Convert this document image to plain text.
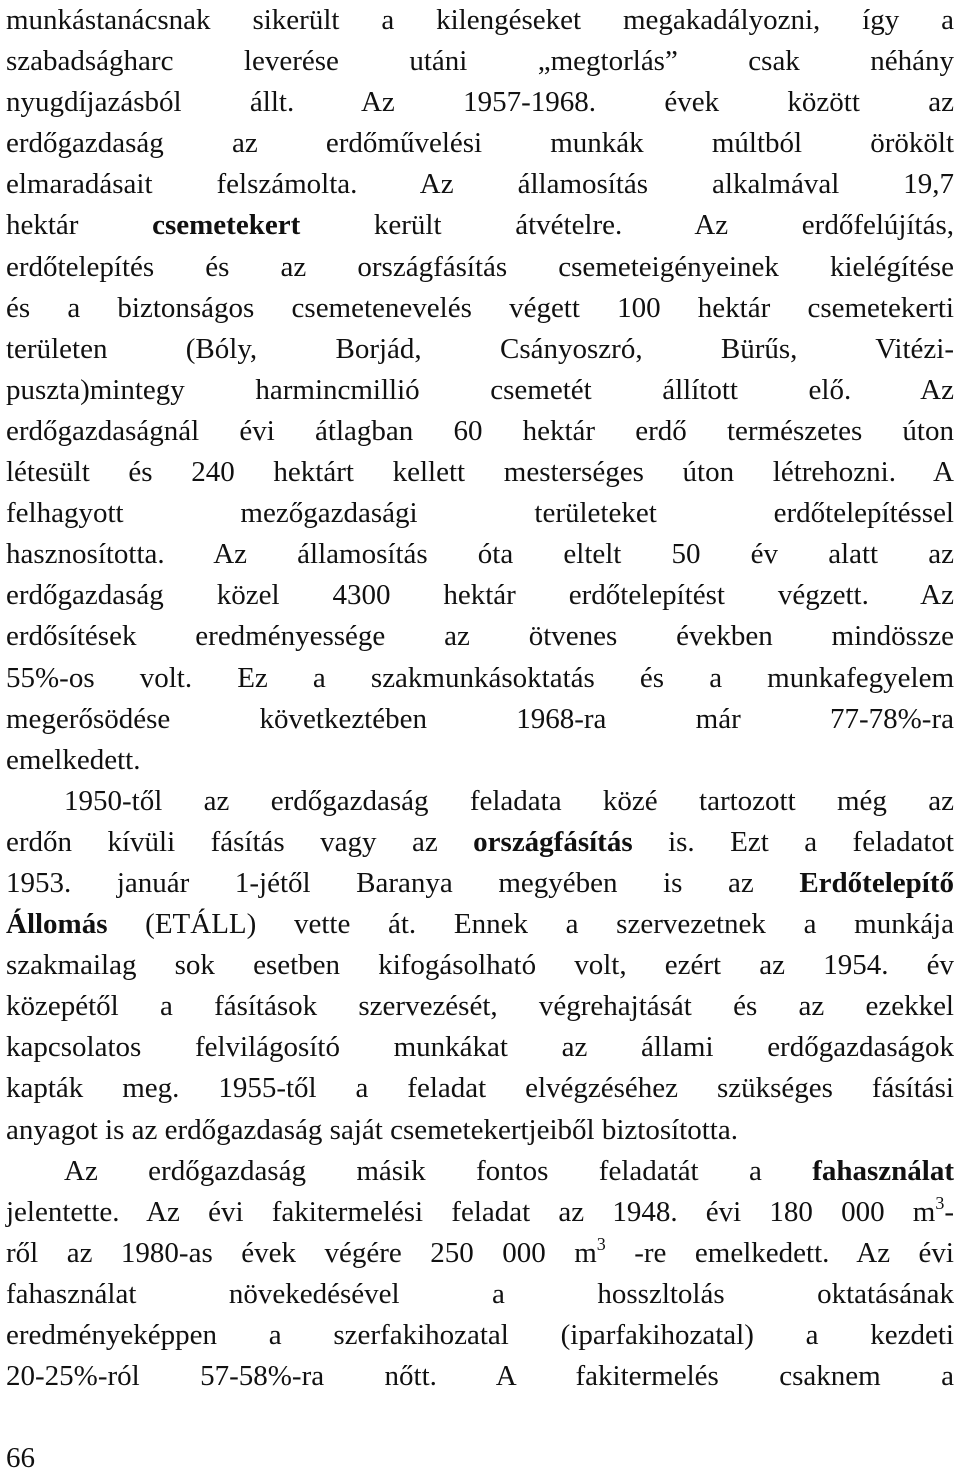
munkástanácsnak sikerült a kilengéseket megakadályozni, így a
szabadságharc leverése utáni „megtorlás” csak néhány
nyugdíjazásból állt. Az 1957-1968. évek között az
erdőgazdaság az erdőművelési munkák múltból örökölt
elmaradásait felszámolta. Az államosítás alkalmával 19,7
hektár csemetekert került átvételre. Az erdőfelújítás,
erdőtelepítés és az országfásítás csemeteigényeinek kielégítése
és a biztonságos csemetenevelés végett 100 hektár csemetekerti
területen (Bóly, Borjád, Csányoszró, Bürűs, Vitézi-
puszta)mintegy harmincmillió csemetét állított elő. Az
erdőgazdaságnál évi átlagban 60 hektár erdő természetes úton
létesült és 240 hektárt kellett mesterséges úton létrehozni. A
felhagyott mezőgazdasági területeket erdőtelepítéssel
hasznosította. Az államosítás óta eltelt 50 év alatt az
erdőgazdaság közel 4300 hektár erdőtelepítést végzett. Az
erdősítések eredményessége az ötvenes években mindössze
55%-os volt. Ez a szakmunkásoktatás és a munkafegyelem
megerősödése következtében 1968-ra már 77-78%-ra
emelkedett.
1950-től az erdőgazdaság feladata közé tartozott még az
erdőn kívüli fásítás vagy az országfásítás is. Ezt a feladatot
1953. január 1-jétől Baranya megyében is az Erdőtelepítő
Állomás (ETÁLL) vette át. Ennek a szervezetnek a munkája
szakmailag sok esetben kifogásolható volt, ezért az 1954. év
közepétől a fásítások szervezését, végrehajtását és az ezekkel
kapcsolatos felvilágosító munkákat az állami erdőgazdaságok
kapták meg. 1955-től a feladat elvégzéséhez szükséges fásítási
anyagot is az erdőgazdaság saját csemetekertjeiből biztosította.
Az erdőgazdaság másik fontos feladatát a fahasználat
jelentette. Az évi fakitermelési feladat az 1948. évi 180 000 $m^3-$
ről az 1980-as évek végére 250 000 $m^3$ -re emelkedett. Az évi
fahasználat növekedésével a hosszltolás oktatásának
eredményeképpen a szerfakihozatal (iparfakihozatal) a kezdeti
20-25%-ról 57-58%-ra nőtt. A fakitermelés csaknem a
66
